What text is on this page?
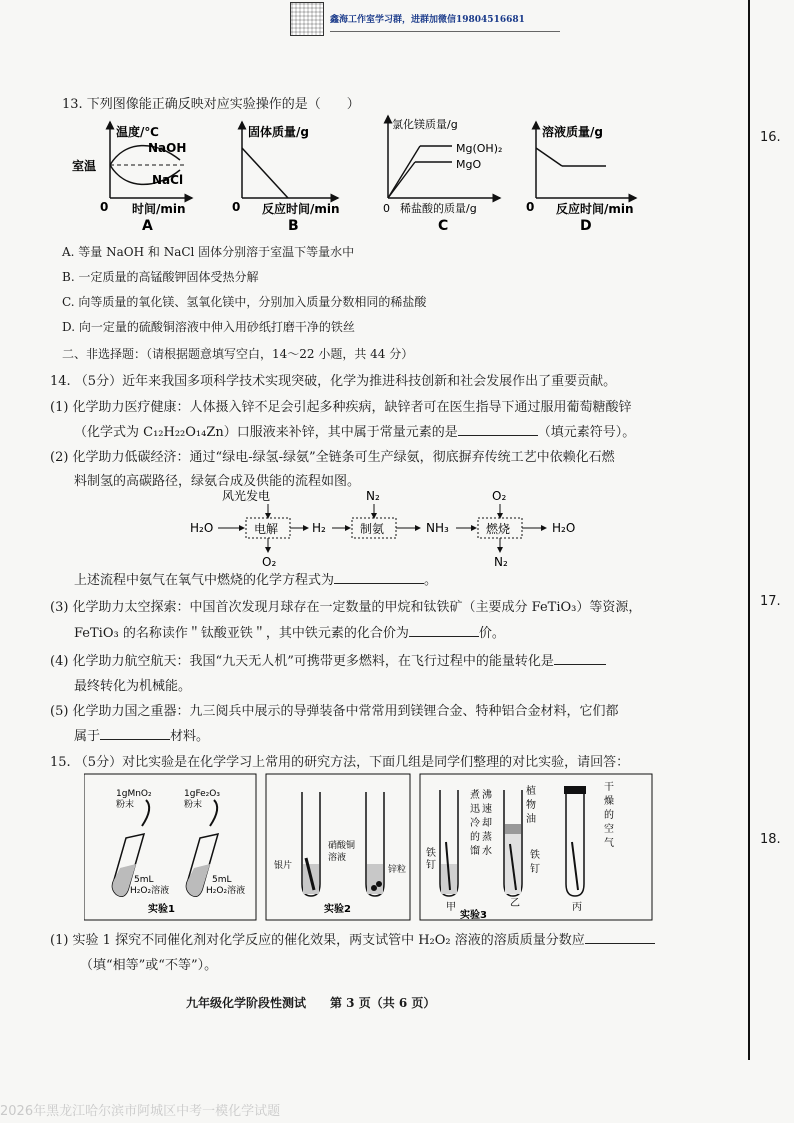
鑫海工作室学习群，进群加微信19804516681
16.
17.
18.
13. 下列图像能正确反映对应实验操作的是（　　）
温度/℃
室温
NaOH
NaCl
0 时间/min
A
固体质量/g
0 反应时间/min
B
氯化镁质量/g
Mg(OH)₂
MgO
0 稀盐酸的质量/g
C
溶液质量/g
0 反应时间/min
D
A. 等量 NaOH 和 NaCl 固体分别溶于室温下等量水中
B. 一定质量的高锰酸钾固体受热分解
C. 向等质量的氧化镁、氢氧化镁中，分别加入质量分数相同的稀盐酸
D. 向一定量的硫酸铜溶液中伸入用砂纸打磨干净的铁丝
二、非选择题：（请根据题意填写空白，14～22 小题，共 44 分）
14. （5分）近年来我国多项科学技术实现突破，化学为推进科技创新和社会发展作出了重要贡献。
(1) 化学助力医疗健康：人体摄入锌不足会引起多种疾病，缺锌者可在医生指导下通过服用葡萄糖酸锌
（化学式为 C₁₂H₂₂O₁₄Zn）口服液来补锌，其中属于常量元素的是	（填元素符号）。
(2) 化学助力低碳经济：通过“绿电-绿氢-绿氨”全链条可生产绿氨，彻底摒弃传统工艺中依赖化石燃
料制氢的高碳路径，绿氨合成及供能的流程如图。
风光发电
H₂O	电解
O₂
H₂
N₂
制氨	NH₃
O₂
燃烧
N₂
H₂O
上述流程中氨气在氧气中燃烧的化学方程式为	。
(3) 化学助力太空探索：中国首次发现月球存在一定数量的甲烷和钛铁矿（主要成分 FeTiO₃）等资源，
FeTiO₃ 的名称读作＂钛酸亚铁＂，其中铁元素的化合价为	价。
(4) 化学助力航空航天：我国“九天无人机”可携带更多燃料，在飞行过程中的能量转化是
最终转化为机械能。
(5) 化学助力国之重器：九三阅兵中展示的导弹装备中常常用到镁锂合金、特种铝合金材料，它们都
属于	材料。
15. （5分）对比实验是在化学学习上常用的研究方法，下面几组是同学们整理的对比实验，请回答：
1gMnO₂
粉末
1gFe₂O₃
粉末
5mL
H₂O₂溶液
5mL
H₂O₂溶液
实验1
银片
硝酸铜
溶液
锌粒
实验2
铁
钉
煮 沸
迅 速
冷 却
的 蒸
馏 水
植
物
油
铁
钉
干
燥
的
空
气
甲	乙	丙
实验3
(1) 实验 1 探究不同催化剂对化学反应的催化效果，两支试管中 H₂O₂ 溶液的溶质质量分数应
（填“相等”或“不等”）。
九年级化学阶段性测试　　第 3 页（共 6 页）
2026年黑龙江哈尔滨市阿城区中考一模化学试题
